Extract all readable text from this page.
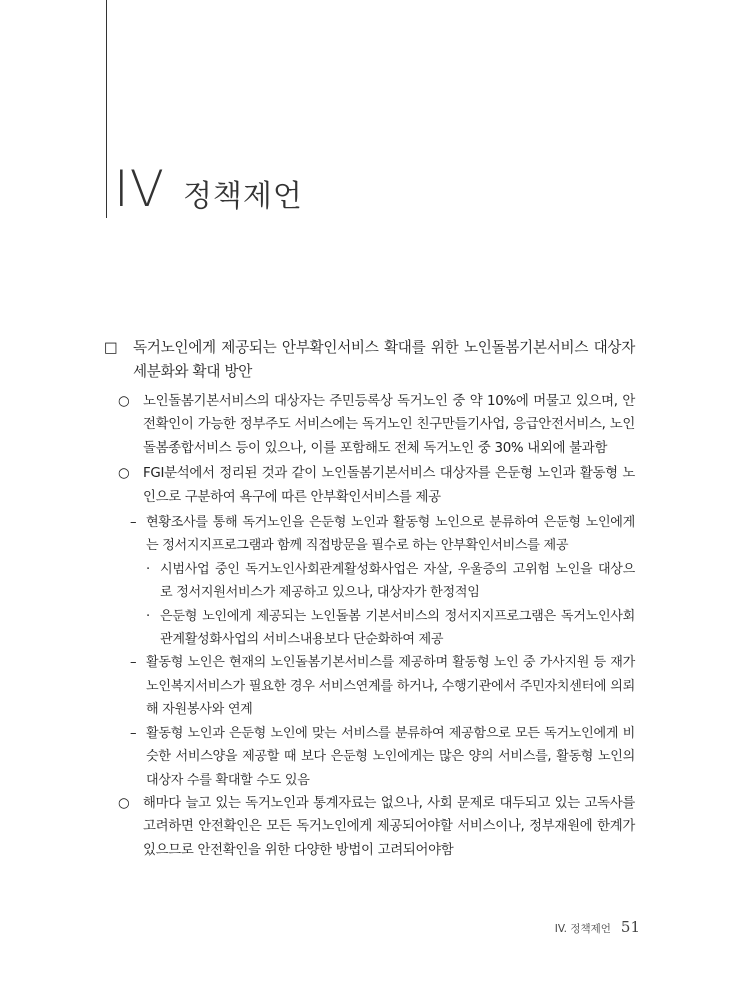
IV 정책제언
□ 독거노인에게 제공되는 안부확인서비스 확대를 위한 노인돌봄기본서비스 대상자 세분화와 확대 방안
○ 노인돌봄기본서비스의 대상자는 주민등록상 독거노인 중 약 10%에 머물고 있으며, 안전확인이 가능한 정부주도 서비스에는 독거노인 친구만들기사업, 응급안전서비스, 노인돌봄종합서비스 등이 있으나, 이를 포함해도 전체 독거노인 중 30% 내외에 불과함
○ FGI분석에서 정리된 것과 같이 노인돌봄기본서비스 대상자를 은둔형 노인과 활동형 노인으로 구분하여 욕구에 따른 안부확인서비스를 제공
– 현황조사를 통해 독거노인을 은둔형 노인과 활동형 노인으로 분류하여 은둔형 노인에게는 정서지지프로그램과 함께 직접방문을 필수로 하는 안부확인서비스를 제공
· 시범사업 중인 독거노인사회관계활성화사업은 자살, 우울증의 고위험 노인을 대상으로 정서지원서비스가 제공하고 있으나, 대상자가 한정적임
· 은둔형 노인에게 제공되는 노인돌봄 기본서비스의 정서지지프로그램은 독거노인사회관계활성화사업의 서비스내용보다 단순화하여 제공
– 활동형 노인은 현재의 노인돌봄기본서비스를 제공하며 활동형 노인 중 가사지원 등 재가노인복지서비스가 필요한 경우 서비스연계를 하거나, 수행기관에서 주민자치센터에 의뢰해 자원봉사와 연계
– 활동형 노인과 은둔형 노인에 맞는 서비스를 분류하여 제공함으로 모든 독거노인에게 비슷한 서비스양을 제공할 때 보다 은둔형 노인에게는 많은 양의 서비스를, 활동형 노인의 대상자 수를 확대할 수도 있음
○ 해마다 늘고 있는 독거노인과 통계자료는 없으나, 사회 문제로 대두되고 있는 고독사를 고려하면 안전확인은 모든 독거노인에게 제공되어야할 서비스이나, 정부재원에 한계가 있으므로 안전확인을 위한 다양한 방법이 고려되어야함
IV. 정책제언 51
